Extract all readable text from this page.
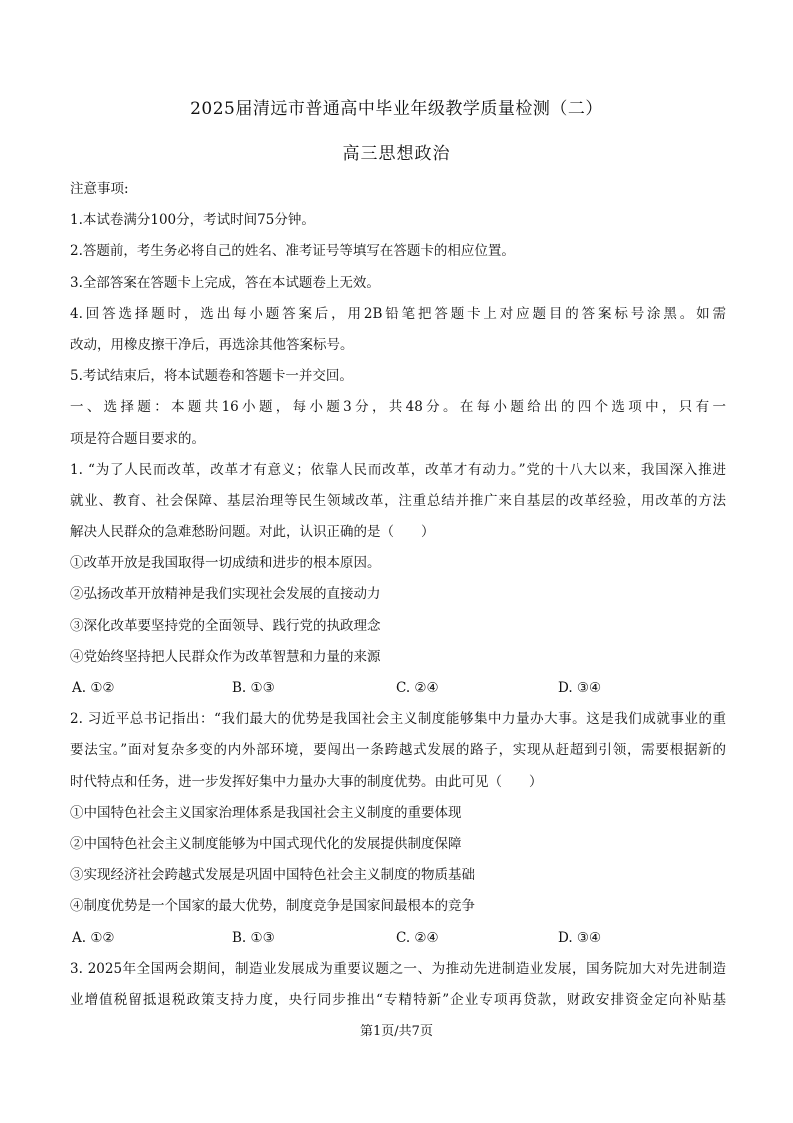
2025届清远市普通高中毕业年级教学质量检测（二）
高三思想政治
注意事项:
1.本试卷满分100分，考试时间75分钟。
2.答题前，考生务必将自己的姓名、准考证号等填写在答题卡的相应位置。
3.全部答案在答题卡上完成，答在本试题卷上无效。
4.回答选择题时，选出每小题答案后，用2B铅笔把答题卡上对应题目的答案标号涂黑。如需
改动，用橡皮擦干净后，再选涂其他答案标号。
5.考试结束后，将本试题卷和答题卡一并交回。
一、选择题：本题共16小题，每小题3分，共48分。在每小题给出的四个选项中，只有一
项是符合题目要求的。
1. “为了人民而改革，改革才有意义；依靠人民而改革，改革才有动力。”党的十八大以来，我国深入推进
就业、教育、社会保障、基层治理等民生领域改革，注重总结并推广来自基层的改革经验，用改革的方法
解决人民群众的急难愁盼问题。对此，认识正确的是（　　）
①改革开放是我国取得一切成绩和进步的根本原因。
②弘扬改革开放精神是我们实现社会发展的直接动力
③深化改革要坚持党的全面领导、践行党的执政理念
④党始终坚持把人民群众作为改革智慧和力量的来源
A. ①②	B. ①③	C. ②④	D. ③④
2. 习近平总书记指出：“我们最大的优势是我国社会主义制度能够集中力量办大事。这是我们成就事业的重
要法宝。”面对复杂多变的内外部环境，要闯出一条跨越式发展的路子，实现从赶超到引领，需要根据新的
时代特点和任务，进一步发挥好集中力量办大事的制度优势。由此可见（　　）
①中国特色社会主义国家治理体系是我国社会主义制度的重要体现
②中国特色社会主义制度能够为中国式现代化的发展提供制度保障
③实现经济社会跨越式发展是巩固中国特色社会主义制度的物质基础
④制度优势是一个国家的最大优势，制度竞争是国家间最根本的竞争
A. ①②	B. ①③	C. ②④	D. ③④
3. 2025年全国两会期间，制造业发展成为重要议题之一、为推动先进制造业发展，国务院加大对先进制造
业增值税留抵退税政策支持力度，央行同步推出“专精特新”企业专项再贷款，财政安排资金定向补贴基
第1页/共7页
